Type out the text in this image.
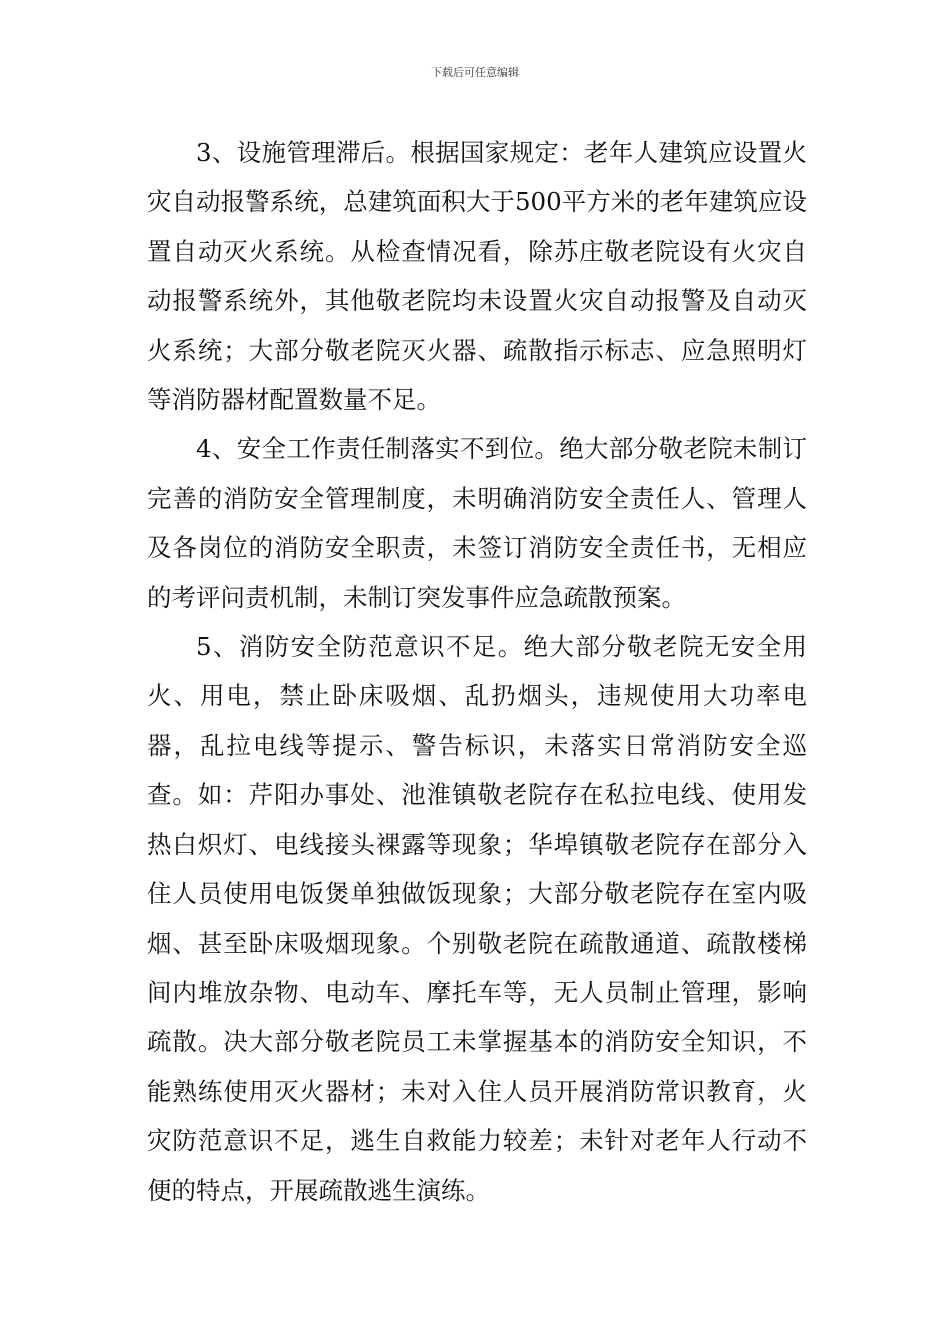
下载后可任意编辑

3、设施管理滞后。根据国家规定：老年人建筑应设置火灾自动报警系统，总建筑面积大于500平方米的老年建筑应设置自动灭火系统。从检查情况看，除苏庄敬老院设有火灾自动报警系统外，其他敬老院均未设置火灾自动报警及自动灭火系统；大部分敬老院灭火器、疏散指示标志、应急照明灯等消防器材配置数量不足。

4、安全工作责任制落实不到位。绝大部分敬老院未制订完善的消防安全管理制度，未明确消防安全责任人、管理人及各岗位的消防安全职责，未签订消防安全责任书，无相应的考评问责机制，未制订突发事件应急疏散预案。

5、消防安全防范意识不足。绝大部分敬老院无安全用火、用电，禁止卧床吸烟、乱扔烟头，违规使用大功率电器，乱拉电线等提示、警告标识，未落实日常消防安全巡查。如：芹阳办事处、池淮镇敬老院存在私拉电线、使用发热白炽灯、电线接头裸露等现象；华埠镇敬老院存在部分入住人员使用电饭煲单独做饭现象；大部分敬老院存在室内吸烟、甚至卧床吸烟现象。个别敬老院在疏散通道、疏散楼梯间内堆放杂物、电动车、摩托车等，无人员制止管理，影响疏散。决大部分敬老院员工未掌握基本的消防安全知识，不能熟练使用灭火器材；未对入住人员开展消防常识教育，火灾防范意识不足，逃生自救能力较差；未针对老年人行动不便的特点，开展疏散逃生演练。
